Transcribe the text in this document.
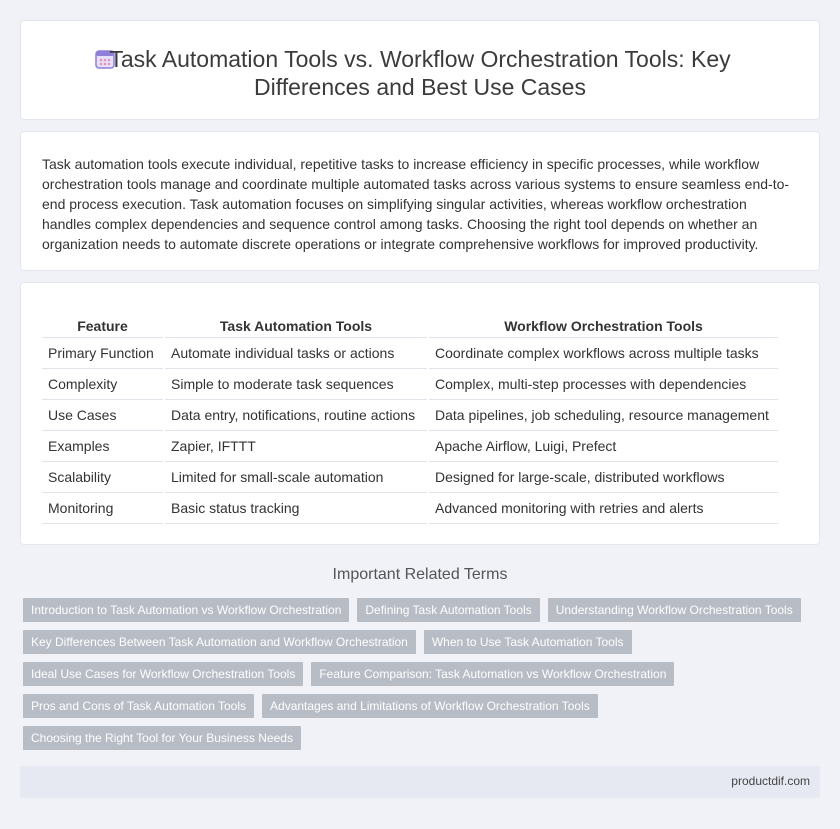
Task Automation Tools vs. Workflow Orchestration Tools: Key
Differences and Best Use Cases

Task automation tools execute individual, repetitive tasks to increase efficiency in specific processes, while workflow orchestration tools manage and coordinate multiple automated tasks across various systems to ensure seamless end-to-end process execution. Task automation focuses on simplifying singular activities, whereas workflow orchestration handles complex dependencies and sequence control among tasks. Choosing the right tool depends on whether an organization needs to automate discrete operations or integrate comprehensive workflows for improved productivity.

Feature	Task Automation Tools	Workflow Orchestration Tools
Primary Function	Automate individual tasks or actions	Coordinate complex workflows across multiple tasks
Complexity	Simple to moderate task sequences	Complex, multi-step processes with dependencies
Use Cases	Data entry, notifications, routine actions	Data pipelines, job scheduling, resource management
Examples	Zapier, IFTTT	Apache Airflow, Luigi, Prefect
Scalability	Limited for small-scale automation	Designed for large-scale, distributed workflows
Monitoring	Basic status tracking	Advanced monitoring with retries and alerts
Important Related Terms
Introduction to Task Automation vs Workflow Orchestration	Defining Task Automation Tools	Understanding Workflow Orchestration Tools
Key Differences Between Task Automation and Workflow Orchestration	When to Use Task Automation Tools
Ideal Use Cases for Workflow Orchestration Tools	Feature Comparison: Task Automation vs Workflow Orchestration
Pros and Cons of Task Automation Tools	Advantages and Limitations of Workflow Orchestration Tools
Choosing the Right Tool for Your Business Needs
productdif.com
